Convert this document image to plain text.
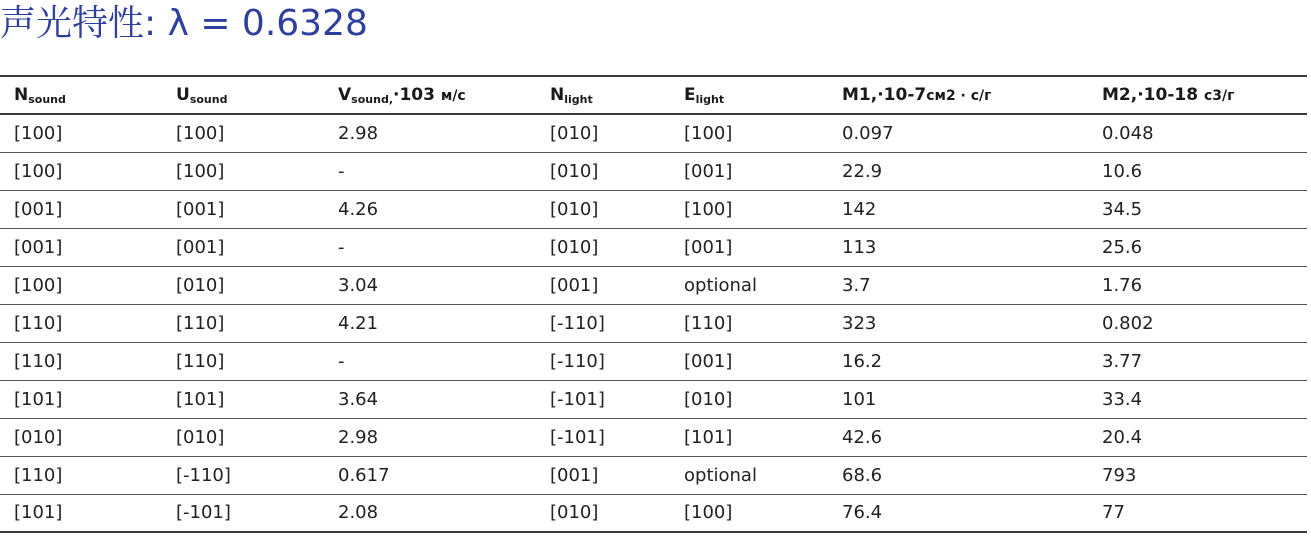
声光特性: λ = 0.6328
$N_{sound}$	$U_{sound}$	$V_{sound,}\cdot 103$ м/с	$N_{light}$	$E_{light}$	M1,·10-7см2 · с/г	M2,·10-18 с3/г
[100]	[100]	2.98	[010]	[100]	0.097	0.048
[100]	[100]	-	[010]	[001]	22.9	10.6
[001]	[001]	4.26	[010]	[100]	142	34.5
[001]	[001]	-	[010]	[001]	113	25.6
[100]	[010]	3.04	[001]	optional	3.7	1.76
[110]	[110]	4.21	[-110]	[110]	323	0.802
[110]	[110]	-	[-110]	[001]	16.2	3.77
[101]	[101]	3.64	[-101]	[010]	101	33.4
[010]	[010]	2.98	[-101]	[101]	42.6	20.4
[110]	[-110]	0.617	[001]	optional	68.6	793
[101]	[-101]	2.08	[010]	[100]	76.4	77
